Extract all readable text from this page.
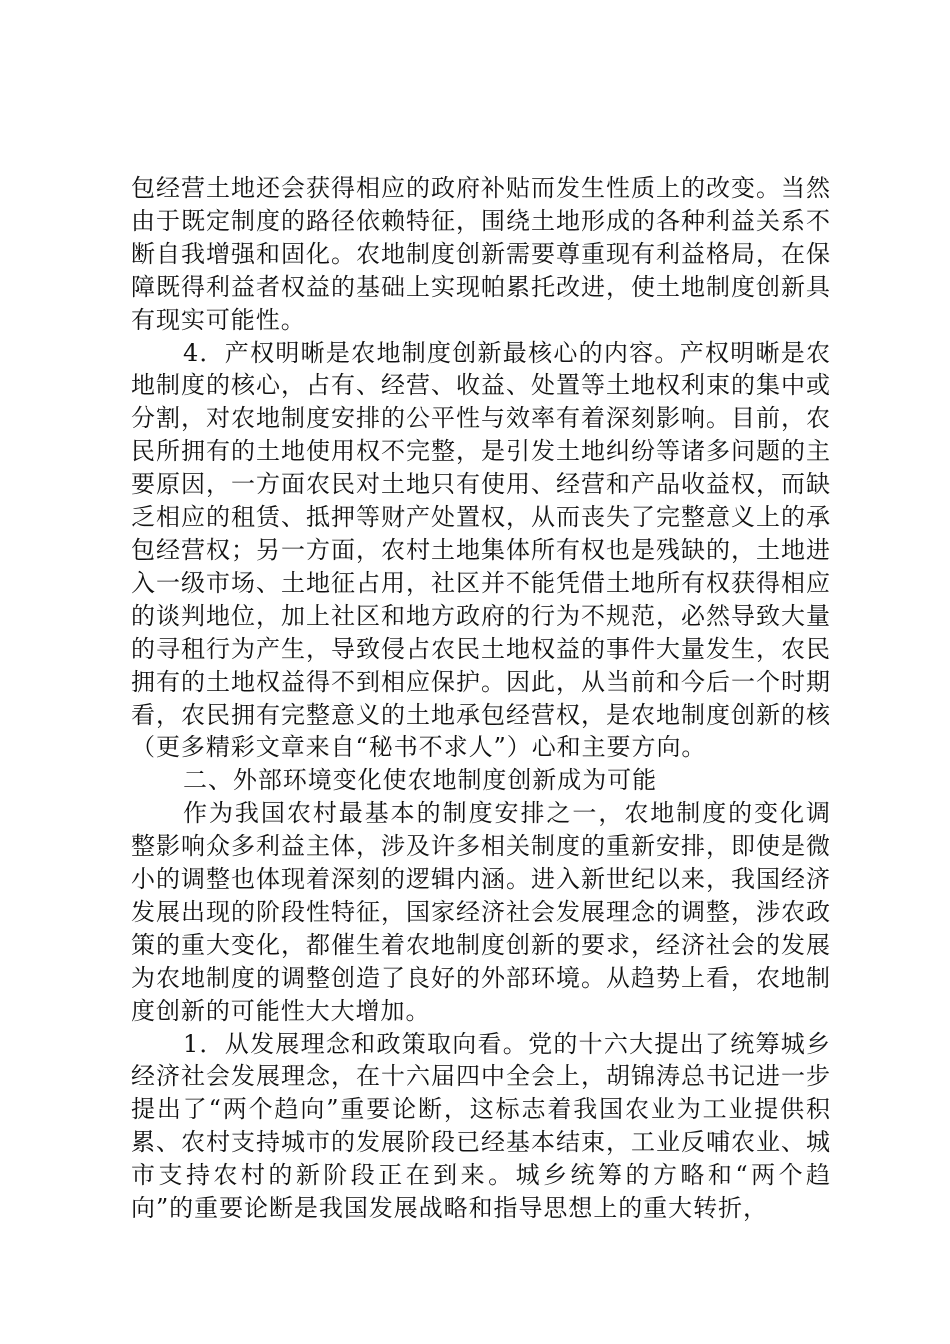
包经营土地还会获得相应的政府补贴而发生性质上的改变。当然由于既定制度的路径依赖特征，围绕土地形成的各种利益关系不断自我增强和固化。农地制度创新需要尊重现有利益格局，在保障既得利益者权益的基础上实现帕累托改进，使土地制度创新具有现实可能性。

4．产权明晰是农地制度创新最核心的内容。产权明晰是农地制度的核心，占有、经营、收益、处置等土地权利束的集中或分割，对农地制度安排的公平性与效率有着深刻影响。目前，农民所拥有的土地使用权不完整，是引发土地纠纷等诸多问题的主要原因，一方面农民对土地只有使用、经营和产品收益权，而缺乏相应的租赁、抵押等财产处置权，从而丧失了完整意义上的承包经营权；另一方面，农村土地集体所有权也是残缺的，土地进入一级市场、土地征占用，社区并不能凭借土地所有权获得相应的谈判地位，加上社区和地方政府的行为不规范，必然导致大量的寻租行为产生，导致侵占农民土地权益的事件大量发生，农民拥有的土地权益得不到相应保护。因此，从当前和今后一个时期看，农民拥有完整意义的土地承包经营权，是农地制度创新的核（更多精彩文章来自“秘书不求人”）心和主要方向。

二、外部环境变化使农地制度创新成为可能

作为我国农村最基本的制度安排之一，农地制度的变化调整影响众多利益主体，涉及许多相关制度的重新安排，即使是微小的调整也体现着深刻的逻辑内涵。进入新世纪以来，我国经济发展出现的阶段性特征，国家经济社会发展理念的调整，涉农政策的重大变化，都催生着农地制度创新的要求，经济社会的发展为农地制度的调整创造了良好的外部环境。从趋势上看，农地制度创新的可能性大大增加。

1．从发展理念和政策取向看。党的十六大提出了统筹城乡经济社会发展理念，在十六届四中全会上，胡锦涛总书记进一步提出了“两个趋向”重要论断，这标志着我国农业为工业提供积累、农村支持城市的发展阶段已经基本结束，工业反哺农业、城市支持农村的新阶段正在到来。城乡统筹的方略和“两个趋向”的重要论断是我国发展战略和指导思想上的重大转折，
